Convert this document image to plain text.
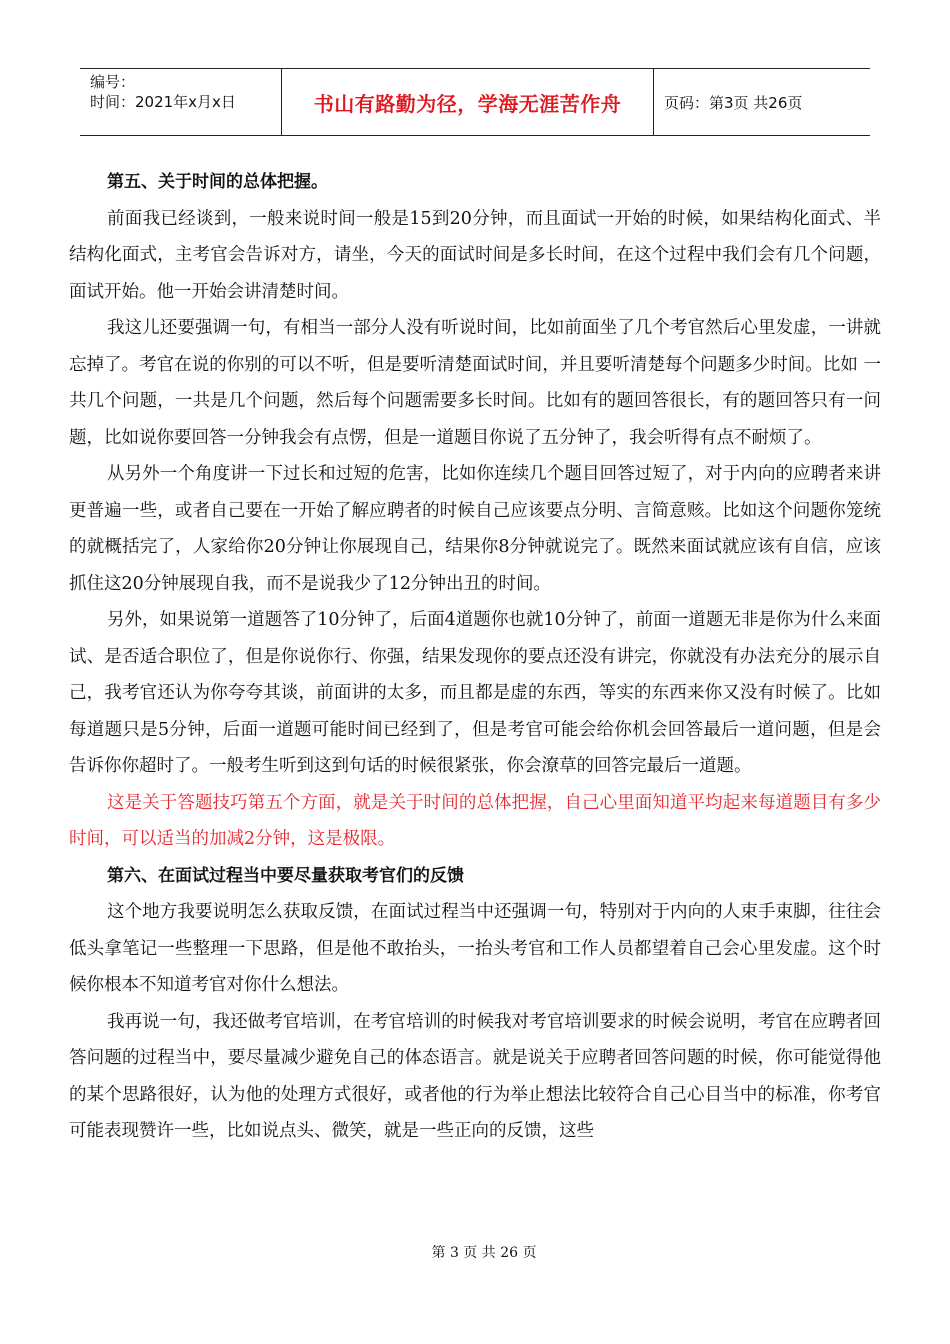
编号：
时间：2021年x月x日	书山有路勤为径，学海无涯苦作舟	页码：第3页 共26页

第五、关于时间的总体把握。

前面我已经谈到，一般来说时间一般是15到20分钟，而且面试一开始的时候，如果结构化面式、半结构化面式，主考官会告诉对方，请坐，今天的面试时间是多长时间，在这个过程中我们会有几个问题，面试开始。他一开始会讲清楚时间。

我这儿还要强调一句，有相当一部分人没有听说时间，比如前面坐了几个考官然后心里发虚，一讲就忘掉了。考官在说的你别的可以不听，但是要听清楚面试时间，并且要听清楚每个问题多少时间。比如 一共几个问题，一共是几个问题，然后每个问题需要多长时间。比如有的题回答很长，有的题回答只有一问题，比如说你要回答一分钟我会有点愣，但是一道题目你说了五分钟了，我会听得有点不耐烦了。

从另外一个角度讲一下过长和过短的危害，比如你连续几个题目回答过短了，对于内向的应聘者来讲更普遍一些，或者自己要在一开始了解应聘者的时候自己应该要点分明、言简意赅。比如这个问题你笼统的就概括完了，人家给你20分钟让你展现自己，结果你8分钟就说完了。既然来面试就应该有自信，应该抓住这20分钟展现自我，而不是说我少了12分钟出丑的时间。

另外，如果说第一道题答了10分钟了，后面4道题你也就10分钟了，前面一道题无非是你为什么来面试、是否适合职位了，但是你说你行、你强，结果发现你的要点还没有讲完，你就没有办法充分的展示自己，我考官还认为你夸夸其谈，前面讲的太多，而且都是虚的东西，等实的东西来你又没有时候了。比如每道题只是5分钟，后面一道题可能时间已经到了，但是考官可能会给你机会回答最后一道问题，但是会告诉你你超时了。一般考生听到这到句话的时候很紧张，你会潦草的回答完最后一道题。

这是关于答题技巧第五个方面，就是关于时间的总体把握，自己心里面知道平均起来每道题目有多少时间，可以适当的加减2分钟，这是极限。

第六、在面试过程当中要尽量获取考官们的反馈

这个地方我要说明怎么获取反馈，在面试过程当中还强调一句，特别对于内向的人束手束脚，往往会低头拿笔记一些整理一下思路，但是他不敢抬头，一抬头考官和工作人员都望着自己会心里发虚。这个时候你根本不知道考官对你什么想法。

我再说一句，我还做考官培训，在考官培训的时候我对考官培训要求的时候会说明，考官在应聘者回答问题的过程当中，要尽量减少避免自己的体态语言。就是说关于应聘者回答问题的时候，你可能觉得他的某个思路很好，认为他的处理方式很好，或者他的行为举止想法比较符合自己心目当中的标准，你考官可能表现赞许一些，比如说点头、微笑，就是一些正向的反馈，这些

第 3 页 共 26 页
